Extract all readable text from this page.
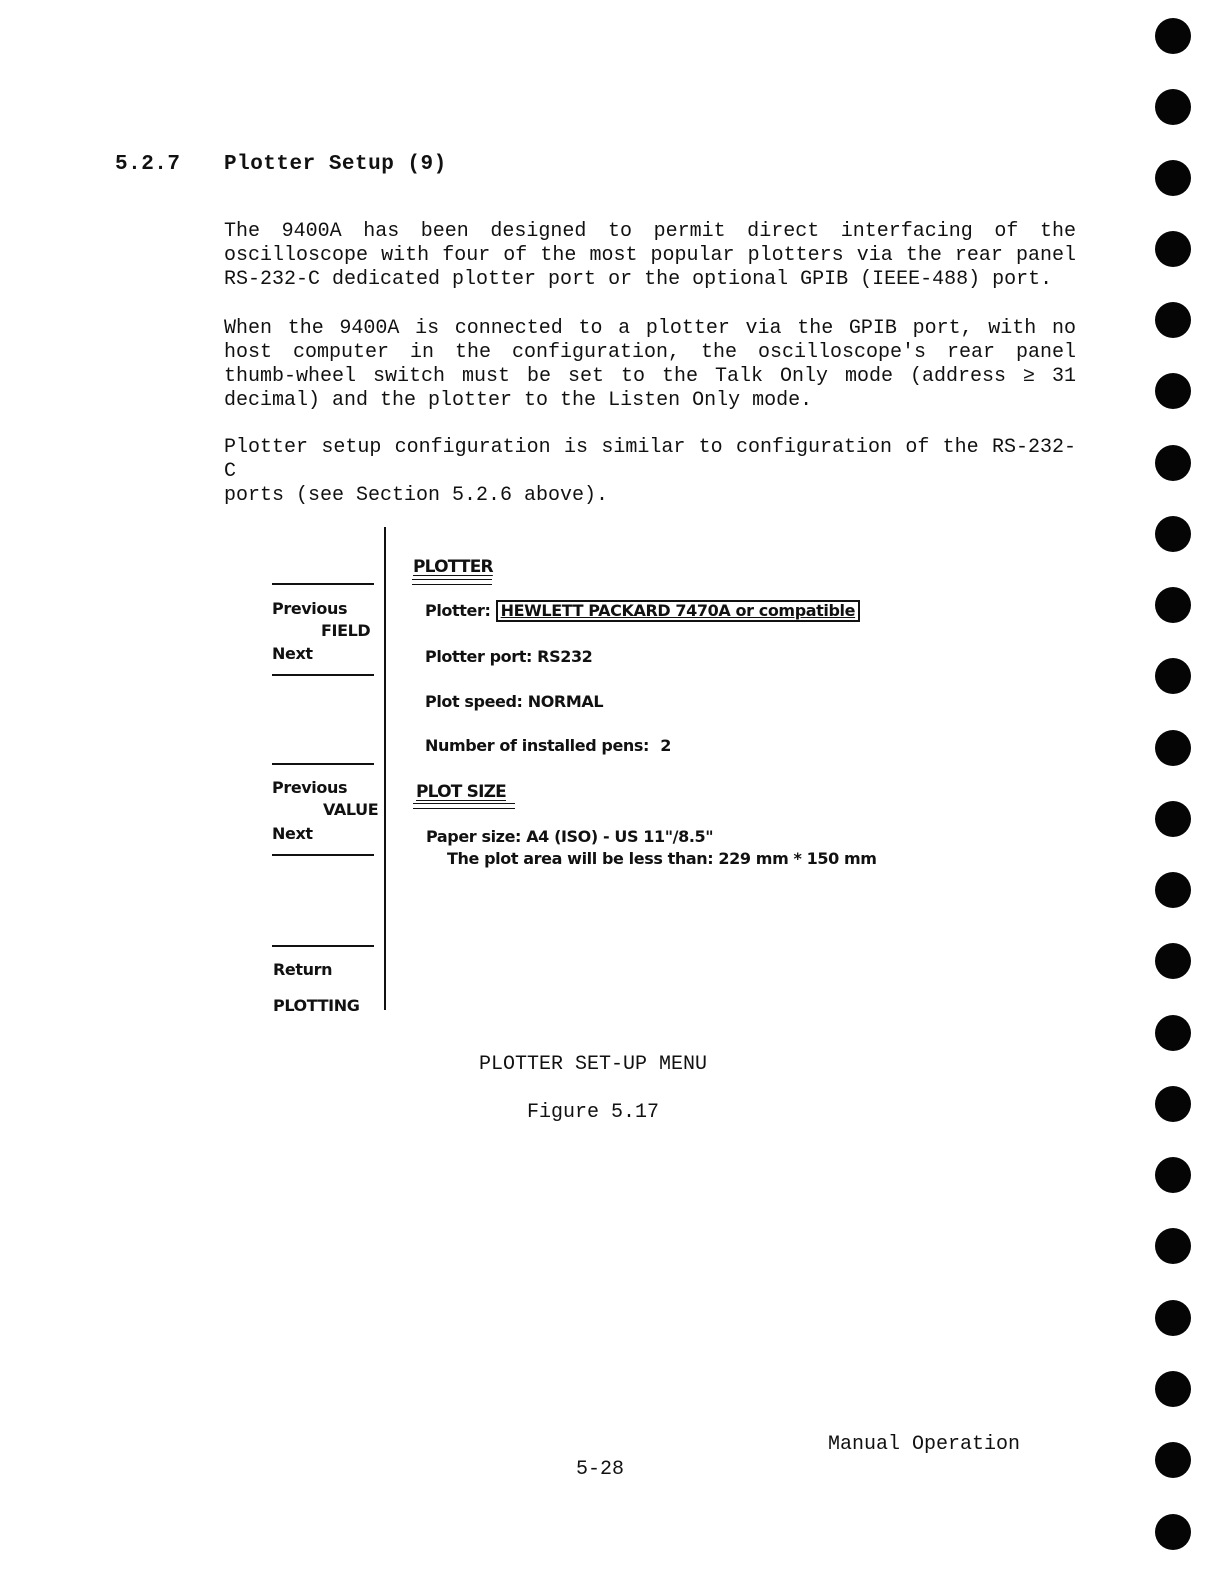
5.2.7 Plotter Setup (9)
The 9400A has been designed to permit direct interfacing of the
oscilloscope with four of the most popular plotters via the rear panel
RS-232-C dedicated plotter port or the optional GPIB (IEEE-488) port.
When the 9400A is connected to a plotter via the GPIB port, with no
host computer in the configuration, the oscilloscope's rear panel
thumb-wheel switch must be set to the Talk Only mode (address ≥ 31
decimal) and the plotter to the Listen Only mode.
Plotter setup configuration is similar to configuration of the RS-232-C
ports (see Section 5.2.6 above).
Previous
FIELD
Next
Previous
VALUE
Next
Return
PLOTTING
PLOTTER
Plotter: HEWLETT PACKARD 7470A or compatible
Plotter port: RS232
Plot speed: NORMAL
Number of installed pens: 2
PLOT SIZE
Paper size: A4 (ISO) - US 11"/8.5"
The plot area will be less than: 229 mm * 150 mm
PLOTTER SET-UP MENU
Figure 5.17
Manual Operation
5-28
